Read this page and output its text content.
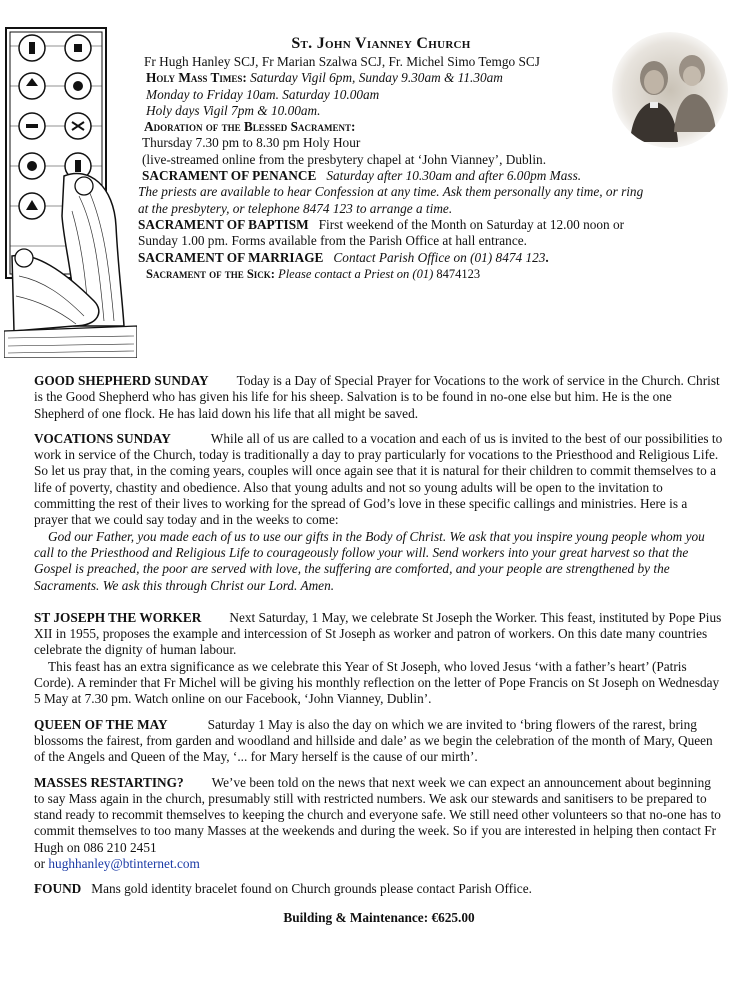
St. John Vianney Church
Fr Hugh Hanley SCJ, Fr Marian Szalwa SCJ, Fr. Michel Simo Temgo SCJ
Holy Mass Times: Saturday Vigil 6pm, Sunday 9.30am & 11.30am
Monday to Friday 10am. Saturday 10.00am
Holy days Vigil 7pm & 10.00am.
Adoration of the Blessed Sacrament:
Thursday 7.30 pm to 8.30 pm Holy Hour
(live-streamed online from the presbytery chapel at ‘John Vianney’, Dublin.
SACRAMENT OF PENANCE Saturday after 10.30am and after 6.00pm Mass.
The priests are available to hear Confession at any time. Ask them personally any time, or ring
at the presbytery, or telephone 8474 123 to arrange a time.
SACRAMENT OF BAPTISM First weekend of the Month on Saturday at 12.00 noon or
Sunday 1.00 pm. Forms available from the Parish Office at hall entrance.
SACRAMENT OF MARRIAGE Contact Parish Office on (01) 8474 123.
Sacrament of the Sick: Please contact a Priest on (01) 8474123

GOOD SHEPHERD SUNDAY Today is a Day of Special Prayer for Vocations to the work of service in the Church. Christ is the Good Shepherd who has given his life for his sheep. Salvation is to be found in no-one else but him. He is the one Shepherd of one flock. He has laid down his life that all might be saved.

VOCATIONS SUNDAY	While all of us are called to a vocation and each of us is invited to the best of our possibilities to work in service of the Church, today is traditionally a day to pray particularly for vocations to the Priesthood and Religious Life. So let us pray that, in the coming years, couples will once again see that it is natural for their children to commit themselves to a life of poverty, chastity and obedience. Also that young adults and not so young adults will be open to the invitation to committing the rest of their lives to working for the spread of God’s love in these specific callings and ministries. Here is a prayer that we could say today and in the weeks to come:

God our Father, you made each of us to use our gifts in the Body of Christ. We ask that you inspire young people whom you call to the Priesthood and Religious Life to courageously follow your will. Send workers into your great harvest so that the Gospel is preached, the poor are served with love, the suffering are comforted, and your people are strengthened by the Sacraments. We ask this through Christ our Lord. Amen.

ST JOSEPH THE WORKER Next Saturday, 1 May, we celebrate St Joseph the Worker. This feast, instituted by Pope Pius XII in 1955, proposes the example and intercession of St Joseph as worker and patron of workers. On this date many countries celebrate the dignity of human labour.

This feast has an extra significance as we celebrate this Year of St Joseph, who loved Jesus ‘with a father’s heart’ (Patris Corde). A reminder that Fr Michel will be giving his monthly reflection on the letter of Pope Francis on St Joseph on Wednesday 5 May at 7.30 pm. Watch online on our Facebook, ‘John Vianney, Dublin’.

QUEEN OF THE MAY	Saturday 1 May is also the day on which we are invited to ‘bring flowers of the rarest, bring blossoms the fairest, from garden and woodland and hillside and dale’ as we begin the celebration of the month of Mary, Queen of the Angels and Queen of the May, ‘... for Mary herself is the cause of our mirth’.

MASSES RESTARTING? We’ve been told on the news that next week we can expect an announcement about beginning to say Mass again in the church, presumably still with restricted numbers. We ask our stewards and sanitisers to be prepared to stand ready to recommit themselves to keeping the church and everyone safe. We still need other volunteers so that no-one has to commit themselves to too many Masses at the weekends and during the week. So if you are interested in helping then contact Fr Hugh on 086 210 2451
or hughhanley@btinternet.com

FOUND Mans gold identity bracelet found on Church grounds please contact Parish Office.

Building & Maintenance: €625.00
